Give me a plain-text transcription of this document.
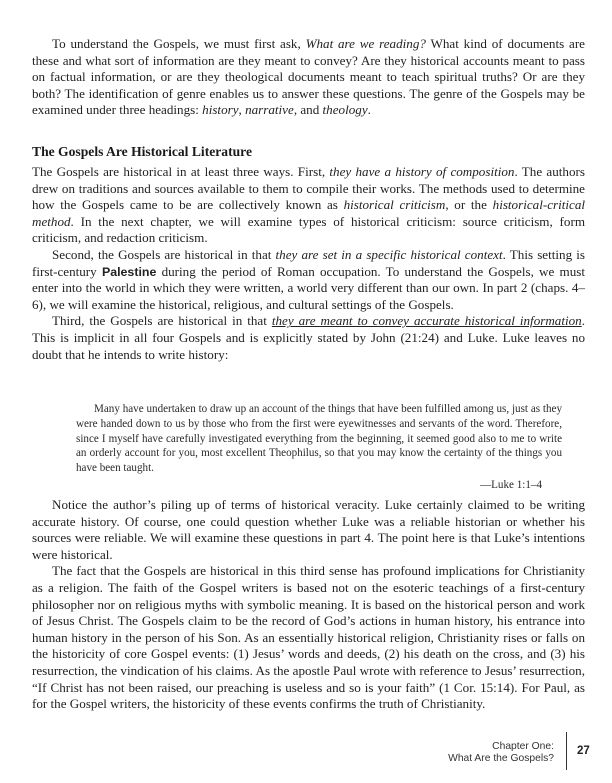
To understand the Gospels, we must first ask, What are we reading? What kind of documents are these and what sort of information are they meant to convey? Are they historical accounts meant to pass on factual information, or are they theological documents meant to teach spiritual truths? Or are they both? The identification of genre enables us to answer these questions. The genre of the Gospels may be examined under three headings: history, narrative, and theology.

The Gospels Are Historical Literature

The Gospels are historical in at least three ways. First, they have a history of composition. The authors drew on traditions and sources available to them to compile their works. The methods used to determine how the Gospels came to be are collectively known as historical criticism, or the historical-critical method. In the next chapter, we will examine types of historical criticism: source criticism, form criticism, and redaction criticism.

Second, the Gospels are historical in that they are set in a specific historical context. This setting is first-century Palestine during the period of Roman occupation. To understand the Gospels, we must enter into the world in which they were written, a world very different than our own. In part 2 (chaps. 4–6), we will examine the historical, religious, and cultural settings of the Gospels.

Third, the Gospels are historical in that they are meant to convey accurate historical information. This is implicit in all four Gospels and is explicitly stated by John (21:24) and Luke. Luke leaves no doubt that he intends to write history:

Many have undertaken to draw up an account of the things that have been fulfilled among us, just as they were handed down to us by those who from the first were eyewitnesses and servants of the word. Therefore, since I myself have carefully investigated everything from the beginning, it seemed good also to me to write an orderly account for you, most excellent Theophilus, so that you may know the certainty of the things you have been taught.
—Luke 1:1–4

Notice the author’s piling up of terms of historical veracity. Luke certainly claimed to be writing accurate history. Of course, one could question whether Luke was a reliable historian or whether his sources were reliable. We will examine these questions in part 4. The point here is that Luke’s intentions were historical.

The fact that the Gospels are historical in this third sense has profound implications for Christianity as a religion. The faith of the Gospel writers is based not on the esoteric teachings of a first-century philosopher nor on religious myths with symbolic meaning. It is based on the historical person and work of Jesus Christ. The Gospels claim to be the record of God’s actions in human history, his entrance into human history in the person of his Son. As an essentially historical religion, Christianity rises or falls on the historicity of core Gospel events: (1) Jesus’ words and deeds, (2) his death on the cross, and (3) his resurrection, the vindication of his claims. As the apostle Paul wrote with reference to Jesus’ resurrection, “If Christ has not been raised, our preaching is useless and so is your faith” (1 Cor. 15:14). For Paul, as for the Gospel writers, the historicity of these events confirms the truth of Christianity.

Chapter One:
What Are the Gospels?
27
